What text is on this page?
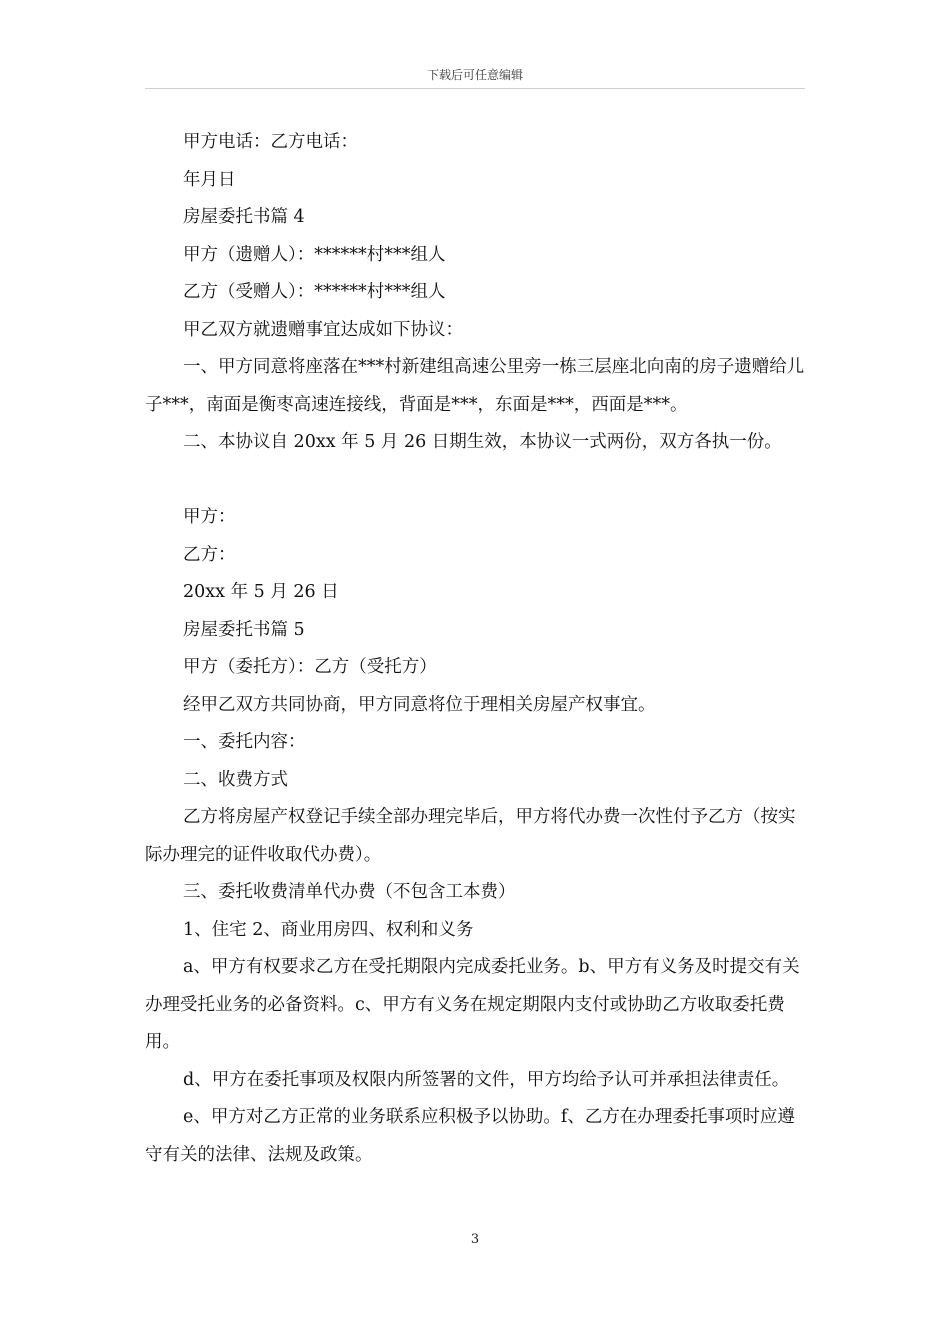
下载后可任意编辑
甲方电话：乙方电话：
年月日
房屋委托书篇 4
甲方（遗赠人）：******村***组人
乙方（受赠人）：******村***组人
甲乙双方就遗赠事宜达成如下协议：
一、甲方同意将座落在***村新建组高速公里旁一栋三层座北向南的房子遗赠给儿子***，南面是衡枣高速连接线，背面是***，东面是***，西面是***。
二、本协议自 20xx 年 5 月 26 日期生效，本协议一式两份，双方各执一份。
甲方：
乙方：
20xx 年 5 月 26 日
房屋委托书篇 5
甲方（委托方）：乙方（受托方）
经甲乙双方共同协商，甲方同意将位于理相关房屋产权事宜。
一、委托内容：
二、收费方式
乙方将房屋产权登记手续全部办理完毕后，甲方将代办费一次性付予乙方（按实际办理完的证件收取代办费）。
三、委托收费清单代办费（不包含工本费）
1、住宅 2、商业用房四、权利和义务
a、甲方有权要求乙方在受托期限内完成委托业务。b、甲方有义务及时提交有关办理受托业务的必备资料。c、甲方有义务在规定期限内支付或协助乙方收取委托费用。
d、甲方在委托事项及权限内所签署的文件，甲方均给予认可并承担法律责任。
e、甲方对乙方正常的业务联系应积极予以协助。f、乙方在办理委托事项时应遵守有关的法律、法规及政策。
3
